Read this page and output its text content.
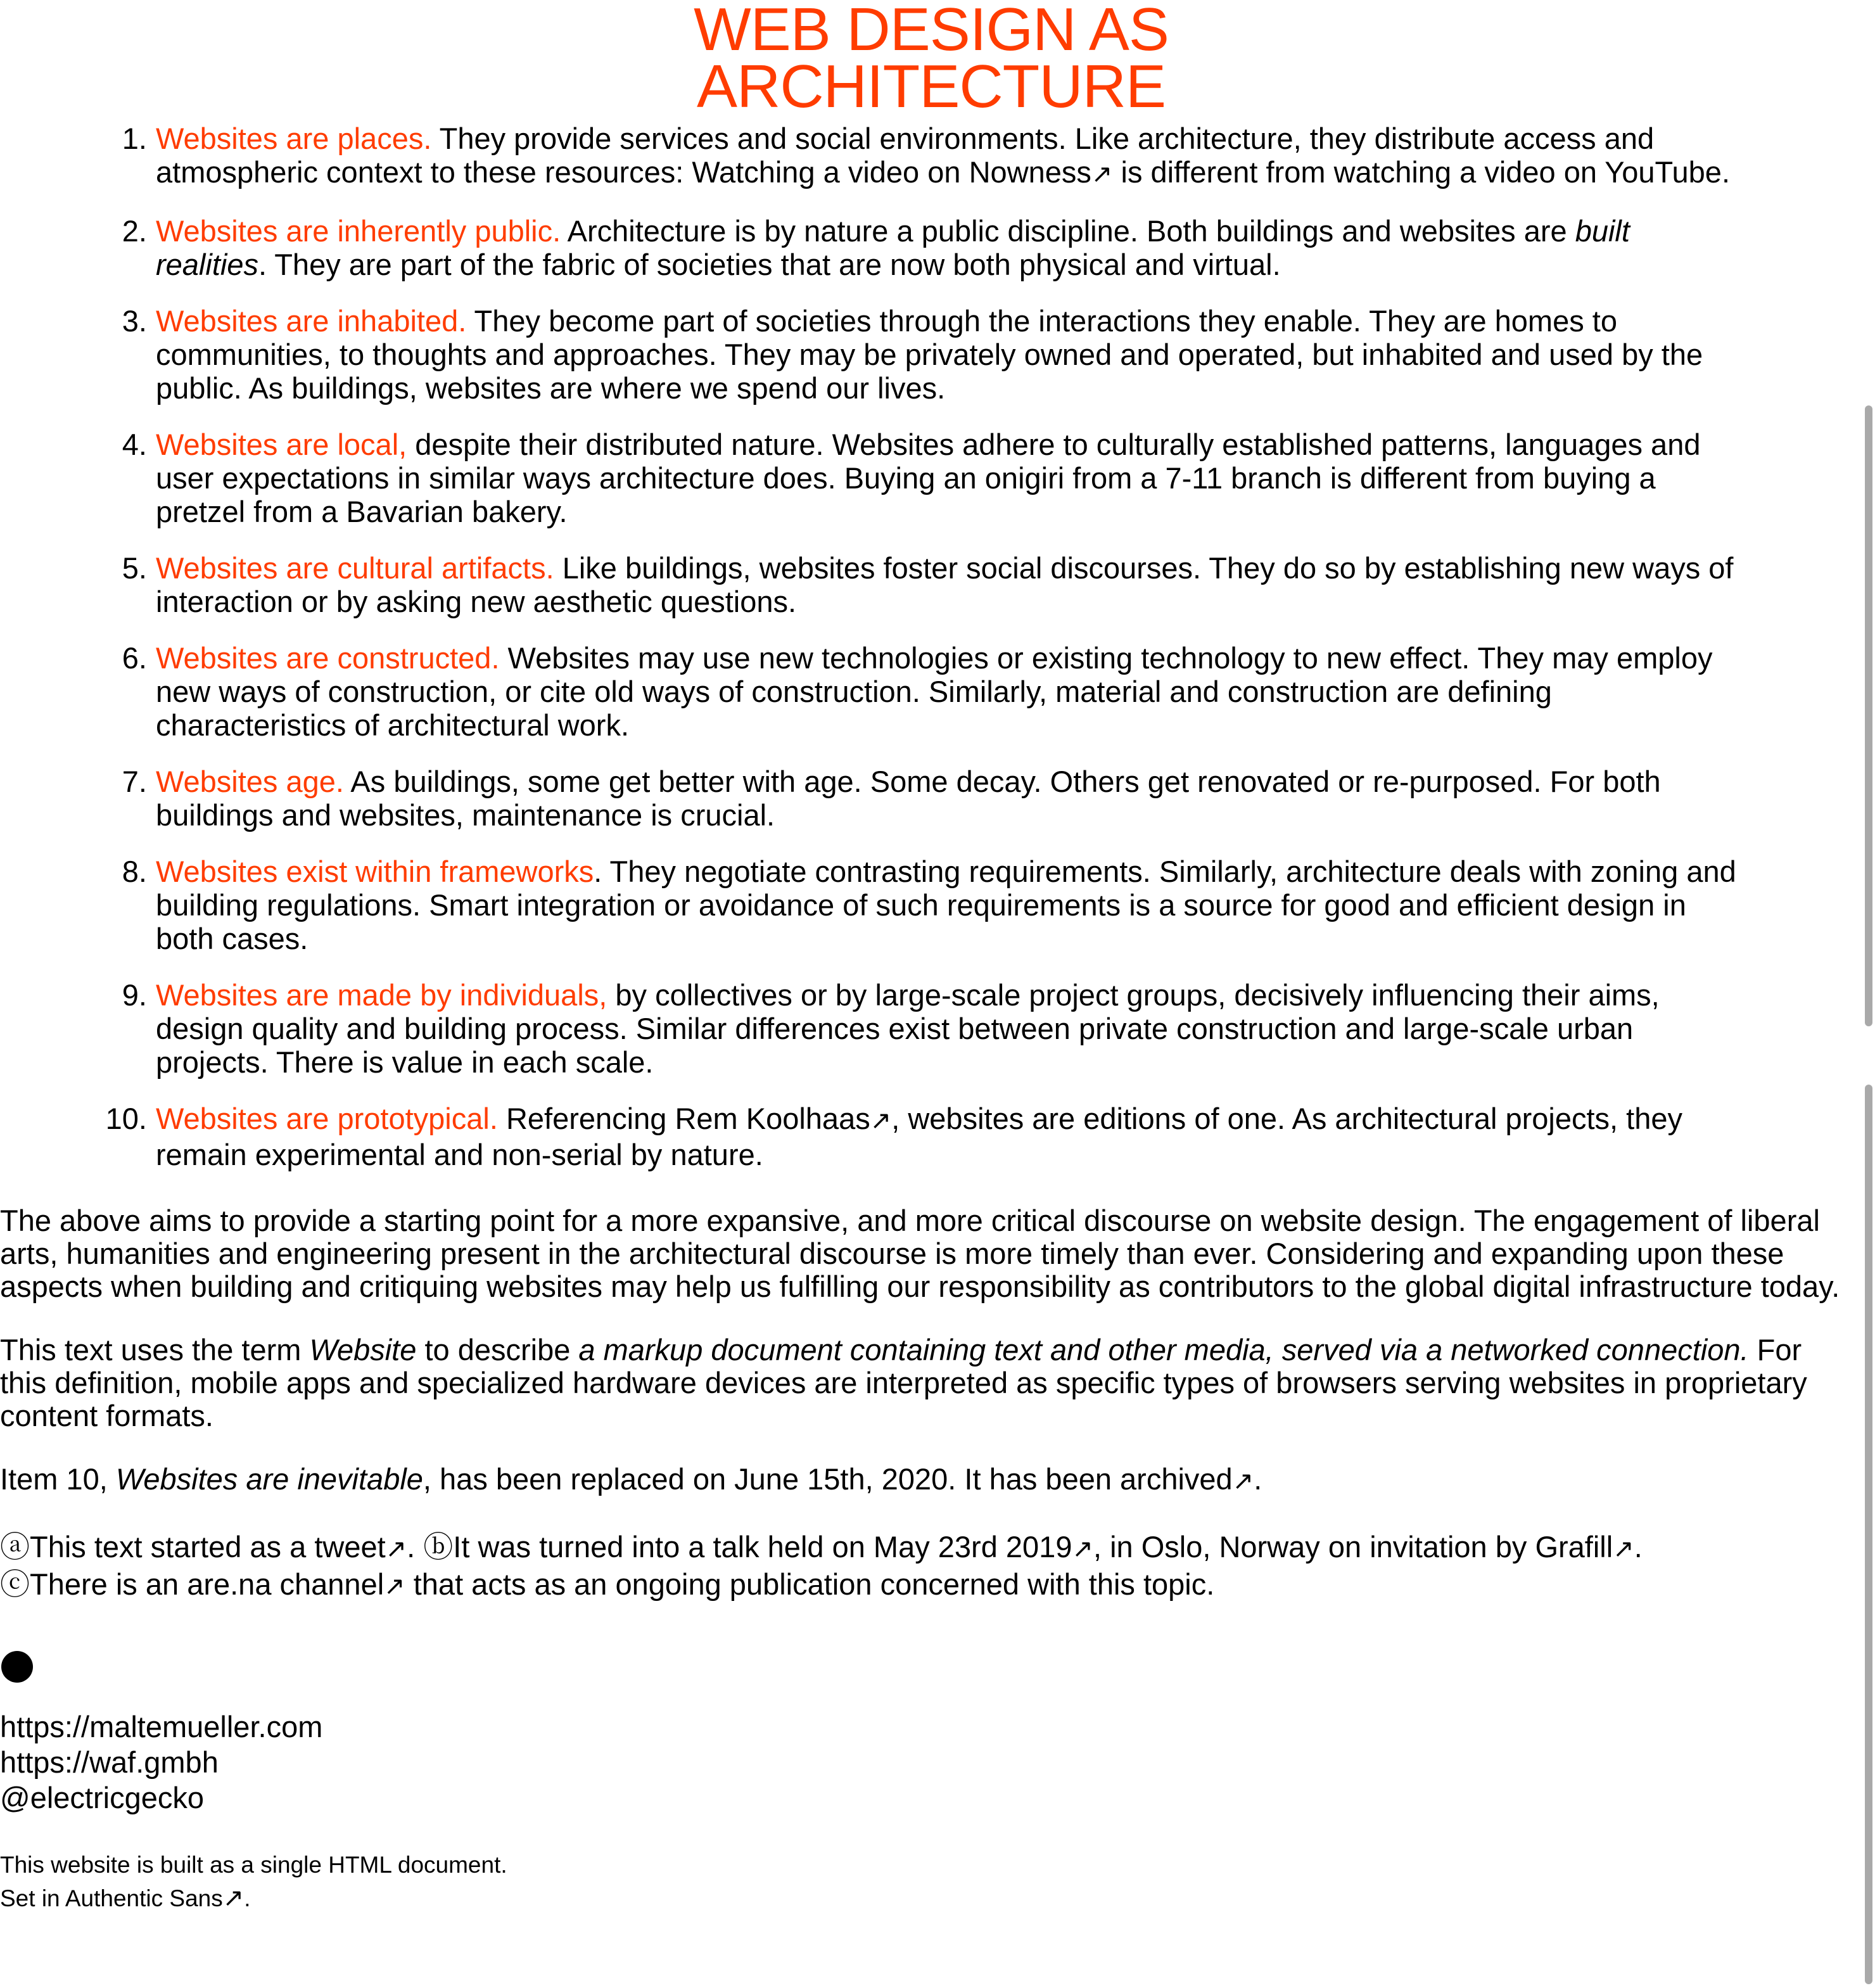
WEB DESIGN AS
ARCHITECTURE
1. Websites are places. They provide services and social environments. Like architecture, they distribute access and atmospheric context to these resources: Watching a video on Nowness↗ is different from watching a video on YouTube.
2. Websites are inherently public. Architecture is by nature a public discipline. Both buildings and websites are built realities. They are part of the fabric of societies that are now both physical and virtual.
3. Websites are inhabited. They become part of societies through the interactions they enable. They are homes to communities, to thoughts and approaches. They may be privately owned and operated, but inhabited and used by the public. As buildings, websites are where we spend our lives.
4. Websites are local, despite their distributed nature. Websites adhere to culturally established patterns, languages and user expectations in similar ways architecture does. Buying an onigiri from a 7-11 branch is different from buying a pretzel from a Bavarian bakery.
5. Websites are cultural artifacts. Like buildings, websites foster social discourses. They do so by establishing new ways of interaction or by asking new aesthetic questions.
6. Websites are constructed. Websites may use new technologies or existing technology to new effect. They may employ new ways of construction, or cite old ways of construction. Similarly, material and construction are defining characteristics of architectural work.
7. Websites age. As buildings, some get better with age. Some decay. Others get renovated or re-purposed. For both buildings and websites, maintenance is crucial.
8. Websites exist within frameworks. They negotiate contrasting requirements. Similarly, architecture deals with zoning and building regulations. Smart integration or avoidance of such requirements is a source for good and efficient design in both cases.
9. Websites are made by individuals, by collectives or by large-scale project groups, decisively influencing their aims, design quality and building process. Similar differences exist between private construction and large-scale urban projects. There is value in each scale.
10. Websites are prototypical. Referencing Rem Koolhaas↗, websites are editions of one. As architectural projects, they remain experimental and non-serial by nature.

The above aims to provide a starting point for a more expansive, and more critical discourse on website design. The engagement of liberal arts, humanities and engineering present in the architectural discourse is more timely than ever. Considering and expanding upon these aspects when building and critiquing websites may help us fulfilling our responsibility as contributors to the global digital infrastructure today.

This text uses the term Website to describe a markup document containing text and other media, served via a networked connection. For this definition, mobile apps and specialized hardware devices are interpreted as specific types of browsers serving websites in proprietary content formats.

Item 10, Websites are inevitable, has been replaced on June 15th, 2020. It has been archived↗.

ⓐThis text started as a tweet↗. ⓑIt was turned into a talk held on May 23rd 2019↗, in Oslo, Norway on invitation by Grafill↗.
ⓒThere is an are.na channel↗ that acts as an ongoing publication concerned with this topic.

https://maltemueller.com
https://waf.gmbh
@electricgecko
This website is built as a single HTML document.
Set in Authentic Sans↗.
